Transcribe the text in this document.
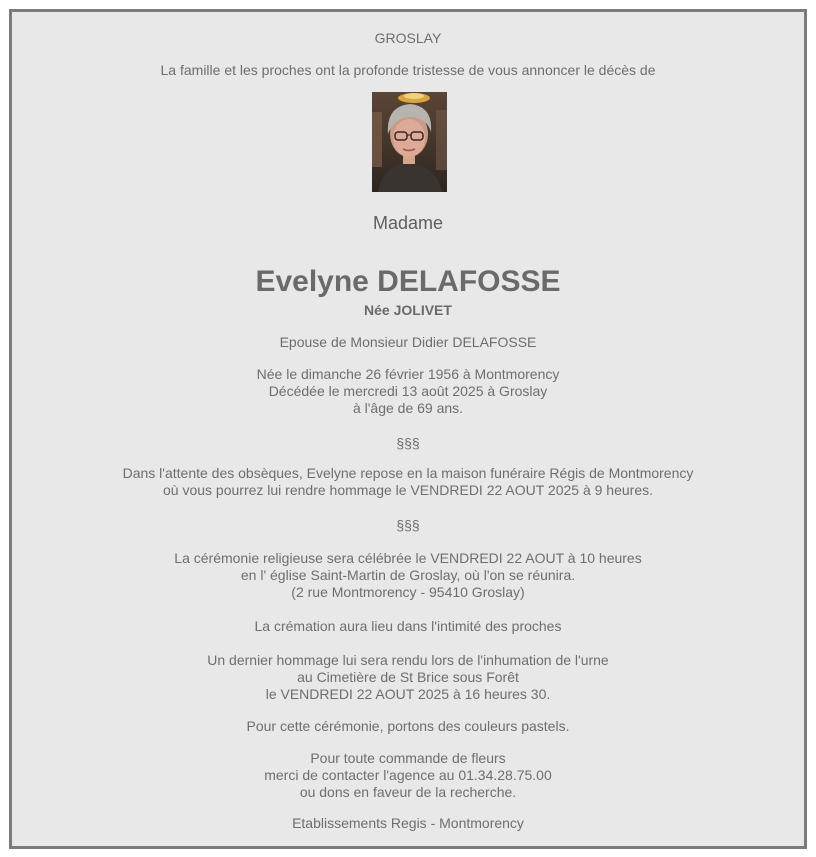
GROSLAY
La famille et les proches ont la profonde tristesse de vous annoncer le décès de
Madame
Evelyne DELAFOSSE
Née JOLIVET
Epouse de Monsieur Didier DELAFOSSE
Née le dimanche 26 février 1956 à Montmorency
Décédée le mercredi 13 août 2025 à Groslay
à l'âge de 69 ans.
§§§
Dans l'attente des obsèques, Evelyne repose en la maison funéraire Régis de Montmorency
où vous pourrez lui rendre hommage le VENDREDI 22 AOUT 2025 à 9 heures.
§§§
La cérémonie religieuse sera célébrée le VENDREDI 22 AOUT à 10 heures
en l' église Saint-Martin de Groslay, où l'on se réunira.
(2 rue Montmorency - 95410 Groslay)
La crémation aura lieu dans l'intimité des proches
Un dernier hommage lui sera rendu lors de l'inhumation de l'urne
au Cimetière de St Brice sous Forêt
le VENDREDI 22 AOUT 2025 à 16 heures 30.
Pour cette cérémonie, portons des couleurs pastels.
Pour toute commande de fleurs
merci de contacter l'agence au 01.34.28.75.00
ou dons en faveur de la recherche.
Etablissements Regis - Montmorency
